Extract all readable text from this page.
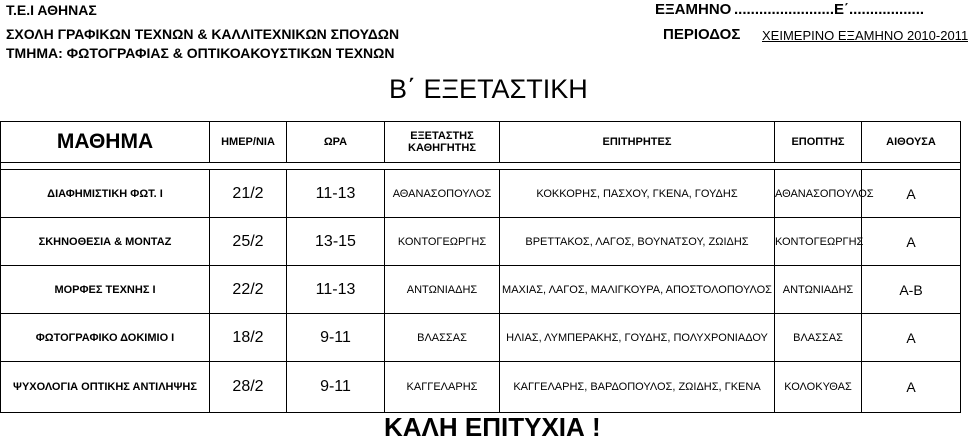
Τ.Ε.Ι ΑΘΗΝΑΣ
ΣΧΟΛΗ ΓΡΑΦΙΚΩΝ ΤΕΧΝΩΝ & ΚΑΛΛΙΤΕΧΝΙΚΩΝ ΣΠΟΥΔΩΝ
ΤΜΗΜΑ: ΦΩΤΟΓΡΑΦΙΑΣ & ΟΠΤΙΚΟΑΚΟΥΣΤΙΚΩΝ ΤΕΧΝΩΝ
ΕΞΑΜΗΝΟ ........................Ε΄..................
ΠΕΡΙΟΔΟΣ ΧΕΙΜΕΡΙΝΟ ΕΞΑΜΗΝΟ 2010-2011
Β΄ ΕΞΕΤΑΣΤΙΚΗ
ΜΑΘΗΜΑ	ΗΜΕΡ/ΝΙΑ	ΩΡΑ	ΕΞΕΤΑΣΤΗΣ
ΚΑΘΗΓΗΤΗΣ	ΕΠΙΤΗΡΗΤΕΣ	ΕΠΟΠΤΗΣ	ΑΙΘΟΥΣΑ

ΔΙΑΦΗΜΙΣΤΙΚΗ ΦΩΤ. Ι	21/2	11-13	ΑΘΑΝΑΣΟΠΟΥΛΟΣ	ΚΟΚΚΟΡΗΣ, ΠΑΣΧΟΥ, ΓΚΕΝΑ, ΓΟΥΔΗΣ	ΑΘΑΝΑΣΟΠΟΥΛΟΣ	Α
ΣΚΗΝΟΘΕΣΙΑ & ΜΟΝΤΑΖ	25/2	13-15	ΚΟΝΤΟΓΕΩΡΓΗΣ	ΒΡΕΤΤΑΚΟΣ, ΛΑΓΟΣ, ΒΟΥΝΑΤΣΟΥ, ΖΩΙΔΗΣ	ΚΟΝΤΟΓΕΩΡΓΗΣ	Α
ΜΟΡΦΕΣ ΤΕΧΝΗΣ Ι	22/2	11-13	ΑΝΤΩΝΙΑΔΗΣ	ΜΑΧΙΑΣ, ΛΑΓΟΣ, ΜΑΛΙΓΚΟΥΡΑ, ΑΠΟΣΤΟΛΟΠΟΥΛΟΣ	ΑΝΤΩΝΙΑΔΗΣ	Α-Β
ΦΩΤΟΓΡΑΦΙΚΟ ΔΟΚΙΜΙΟ Ι	18/2	9-11	ΒΛΑΣΣΑΣ	ΗΛΙΑΣ, ΛΥΜΠΕΡΑΚΗΣ, ΓΟΥΔΗΣ, ΠΟΛΥΧΡΟΝΙΑΔΟΥ	ΒΛΑΣΣΑΣ	Α
ΨΥΧΟΛΟΓΙΑ ΟΠΤΙΚΗΣ ΑΝΤΙΛΗΨΗΣ	28/2	9-11	ΚΑΓΓΕΛΑΡΗΣ	ΚΑΓΓΕΛΑΡΗΣ, ΒΑΡΔΟΠΟΥΛΟΣ, ΖΩΙΔΗΣ, ΓΚΕΝΑ	ΚΟΛΟΚΥΘΑΣ	Α
ΚΑΛΗ ΕΠΙΤΥΧΙΑ !
